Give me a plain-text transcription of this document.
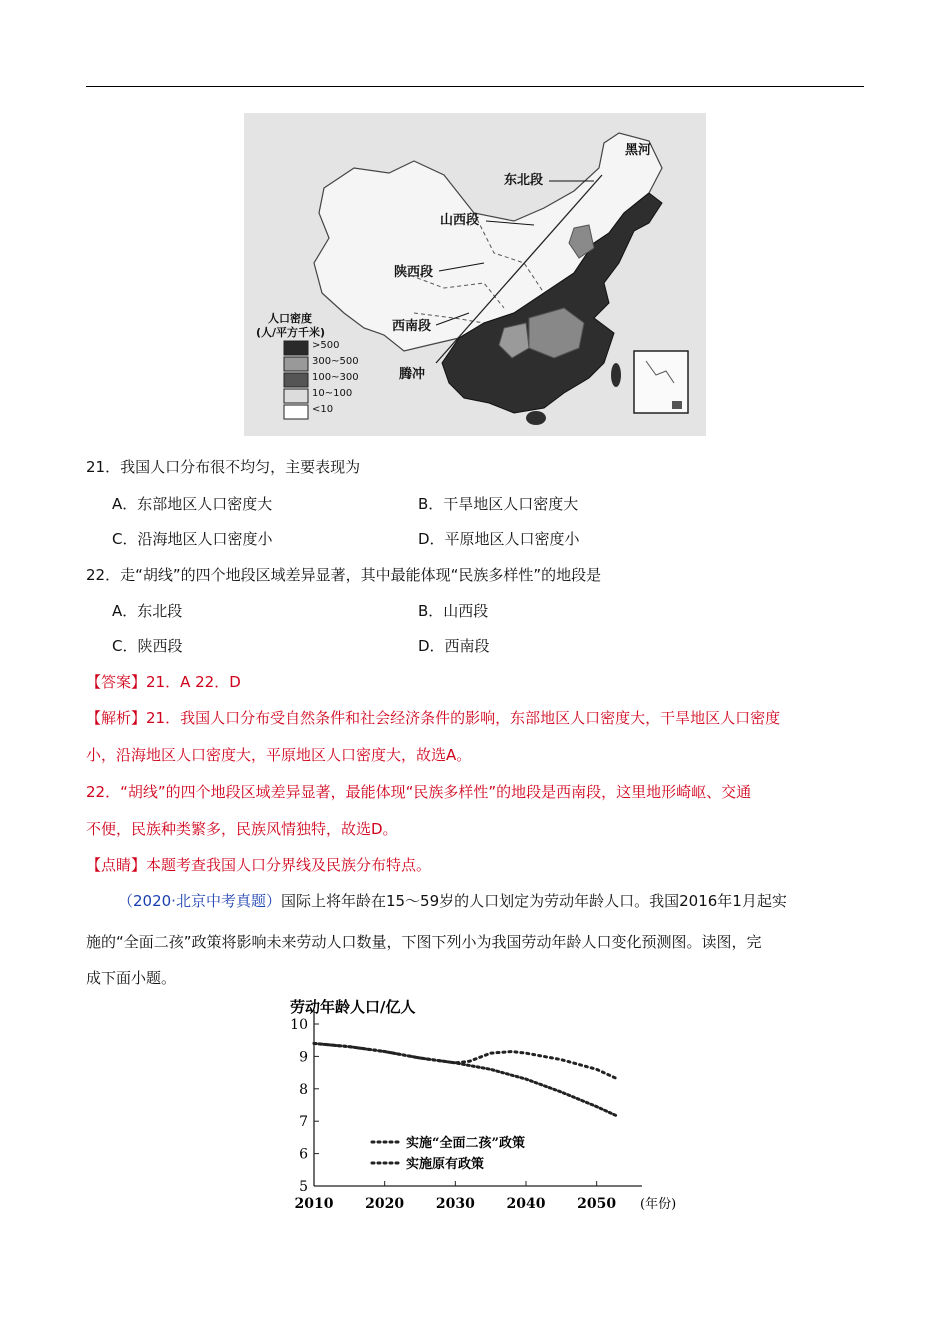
黑河
东北段
山西段
陕西段
西南段
腾冲
人口密度
(人/平方千米)
>500
300~500
100~300
10~100
<10
21．我国人口分布很不均匀，主要表现为
A．东部地区人口密度大	B．干旱地区人口密度大
C．沿海地区人口密度小	D．平原地区人口密度小
22．走“胡线”的四个地段区域差异显著，其中最能体现“民族多样性”的地段是
A．东北段	B．山西段
C．陕西段	D．西南段
【答案】21．A 22．D
【解析】21．我国人口分布受自然条件和社会经济条件的影响，东部地区人口密度大，干旱地区人口密度
小，沿海地区人口密度大，平原地区人口密度大，故选A。
22．“胡线”的四个地段区域差异显著，最能体现“民族多样性”的地段是西南段，这里地形崎岖、交通
不便，民族种类繁多，民族风情独特，故选D。
【点睛】本题考查我国人口分界线及民族分布特点。
（2020·北京中考真题）国际上将年龄在15～59岁的人口划定为劳动年龄人口。我国2016年1月起实
施的“全面二孩”政策将影响未来劳动人口数量，下图下列小为我国劳动年龄人口变化预测图。读图，完
成下面小题。
劳动年龄人口/亿人
5
6
7
8
9
10
2010 2020 2030 2040 2050 (年份)
实施“全面二孩”政策
实施原有政策
